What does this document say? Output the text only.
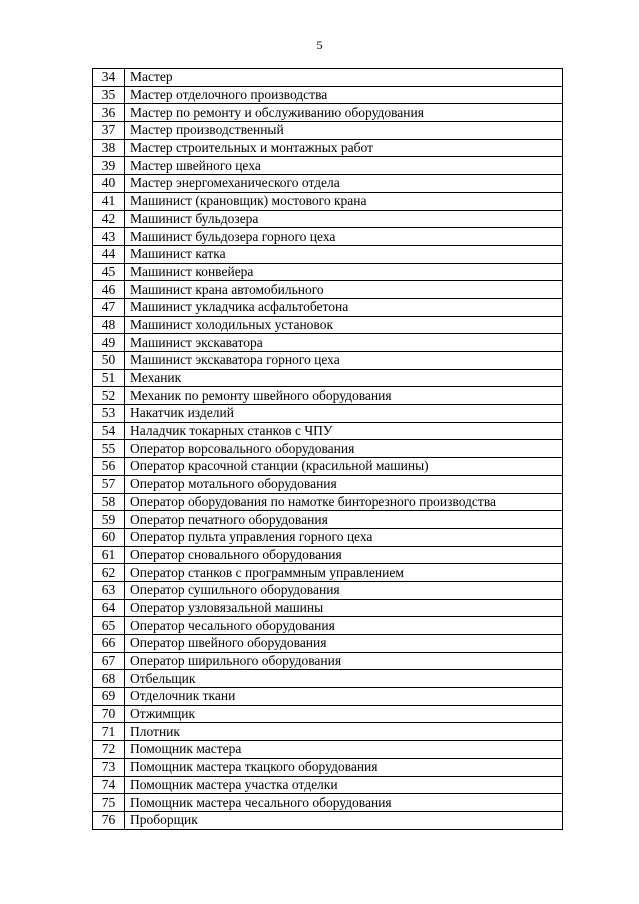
5
34	Мастер
35	Мастер отделочного производства
36	Мастер по ремонту и обслуживанию оборудования
37	Мастер производственный
38	Мастер строительных и монтажных работ
39	Мастер швейного цеха
40	Мастер энергомеханического отдела
41	Машинист (крановщик) мостового крана
42	Машинист бульдозера
43	Машинист бульдозера горного цеха
44	Машинист катка
45	Машинист конвейера
46	Машинист крана автомобильного
47	Машинист укладчика асфальтобетона
48	Машинист холодильных установок
49	Машинист экскаватора
50	Машинист экскаватора горного цеха
51	Механик
52	Механик по ремонту швейного оборудования
53	Накатчик изделий
54	Наладчик токарных станков с ЧПУ
55	Оператор ворсовального оборудования
56	Оператор красочной станции (красильной машины)
57	Оператор мотального оборудования
58	Оператор оборудования по намотке бинторезного производства
59	Оператор печатного оборудования
60	Оператор пульта управления горного цеха
61	Оператор сновального оборудования
62	Оператор станков с программным управлением
63	Оператор сушильного оборудования
64	Оператор узловязальной машины
65	Оператор чесального оборудования
66	Оператор швейного оборудования
67	Оператор ширильного оборудования
68	Отбельщик
69	Отделочник ткани
70	Отжимщик
71	Плотник
72	Помощник мастера
73	Помощник мастера ткацкого оборудования
74	Помощник мастера участка отделки
75	Помощник мастера чесального оборудования
76	Проборщик
